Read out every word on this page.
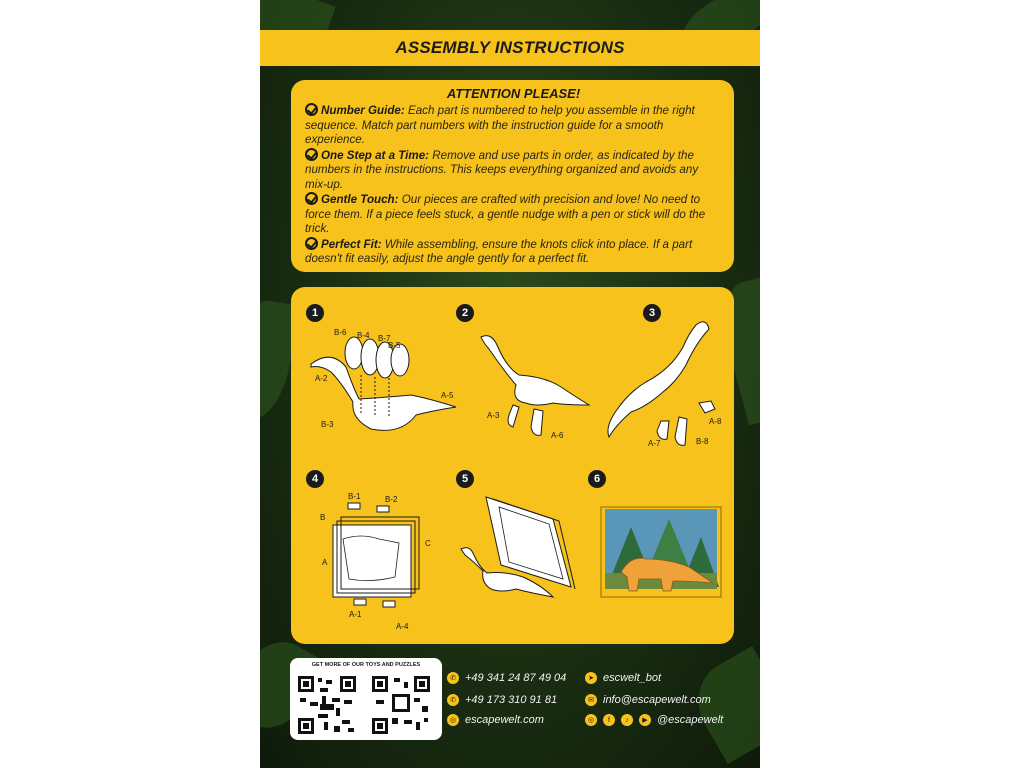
ASSEMBLY INSTRUCTIONS
ATTENTION PLEASE!

Number Guide: Each part is numbered to help you assemble in the right sequence. Match part numbers with the instruction guide for a smooth experience.

One Step at a Time: Remove and use parts in order, as indicated by the numbers in the instructions. This keeps everything organized and avoids any mix-up.

Gentle Touch: Our pieces are crafted with precision and love! No need to force them. If a piece feels stuck, a gentle nudge with a pen or stick will do the trick.

Perfect Fit: While assembling, ensure the knots click into place. If a part doesn't fit easily, adjust the angle gently for a perfect fit.

1	2	3
4	5	6
B-6 B-4 B-7
B-5
A-2
A-5
B-3
A-3
A-6
A-8
A-7	B-8
B-1	B-2
B
C
A
A-1
A-4
GET MORE OF OUR TOYS AND PUZZLES
✆ +49 341 24 87 49 04
✆ +49 173 310 91 81
◎ escapewelt.com
➤ escwelt_bot
✉ info@escapewelt.com
◎	f	♪	▶ @escapewelt
